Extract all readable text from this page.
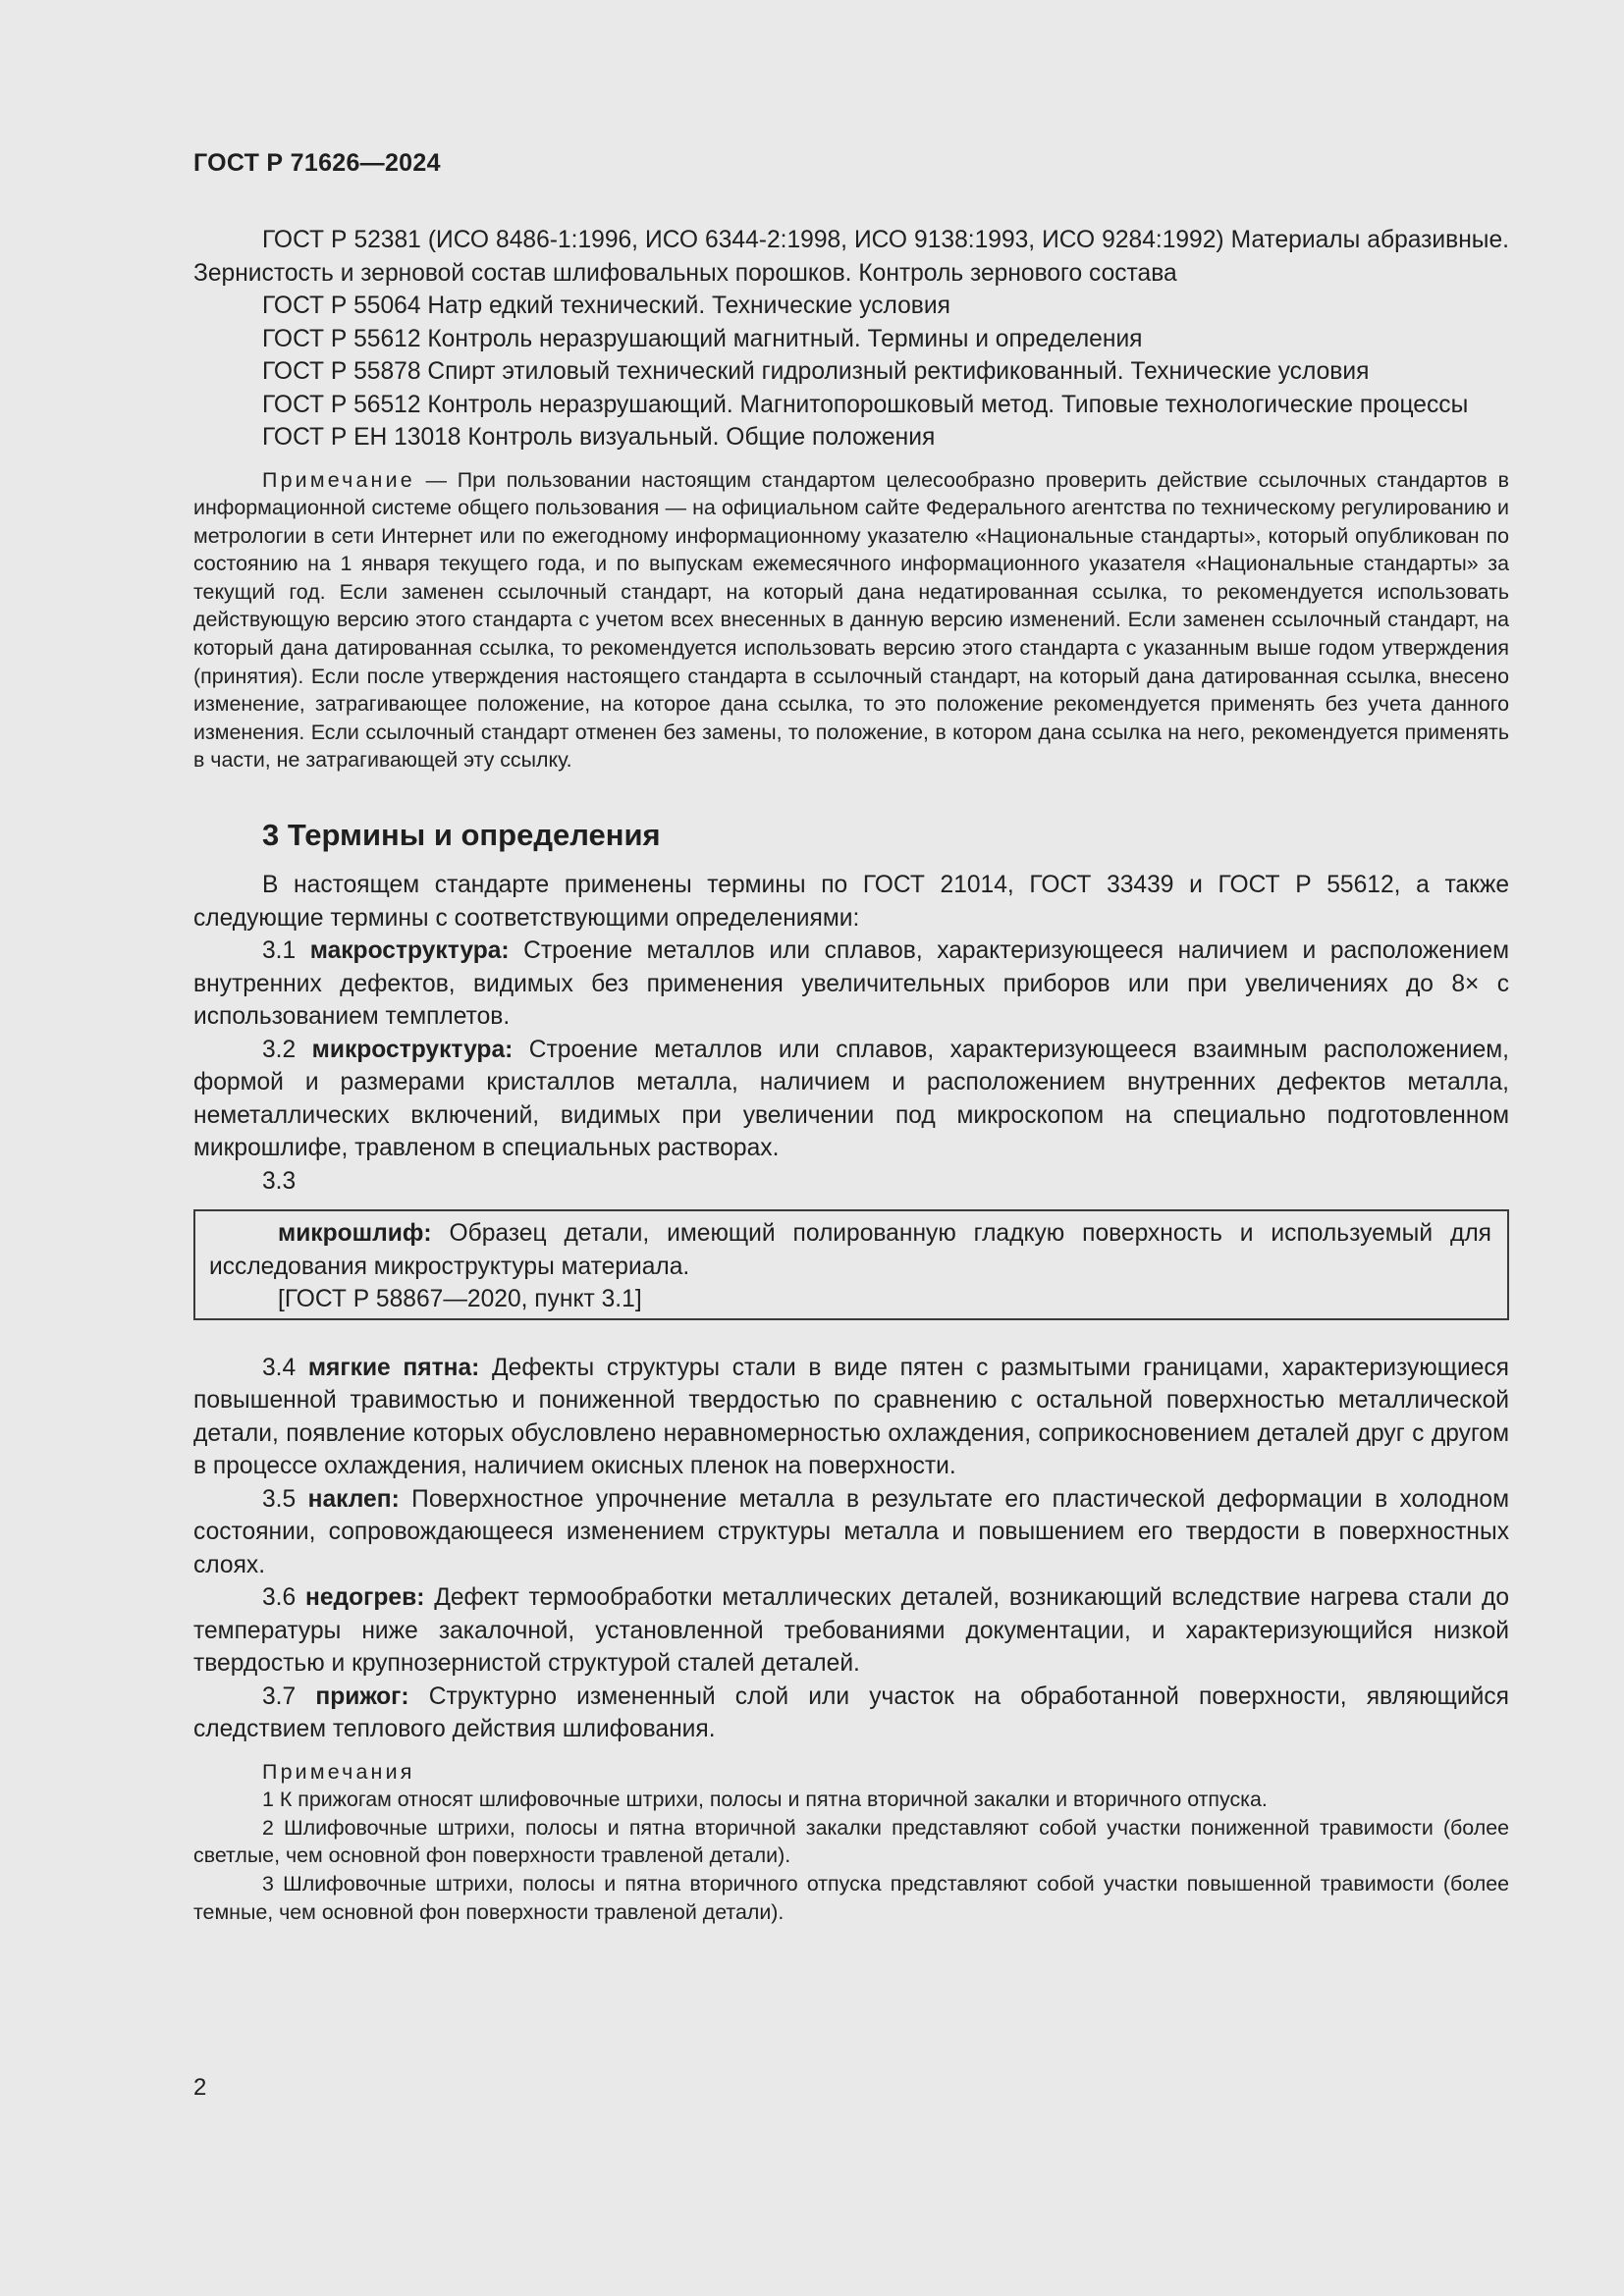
ГОСТ Р 71626—2024

ГОСТ Р 52381 (ИСО 8486-1:1996, ИСО 6344-2:1998, ИСО 9138:1993, ИСО 9284:1992) Материалы абразивные. Зернистость и зерновой состав шлифовальных порошков. Контроль зернового состава

ГОСТ Р 55064 Натр едкий технический. Технические условия

ГОСТ Р 55612 Контроль неразрушающий магнитный. Термины и определения

ГОСТ Р 55878 Спирт этиловый технический гидролизный ректификованный. Технические условия

ГОСТ Р 56512 Контроль неразрушающий. Магнитопорошковый метод. Типовые технологические процессы

ГОСТ Р ЕН 13018 Контроль визуальный. Общие положения

Примечание — При пользовании настоящим стандартом целесообразно проверить действие ссылочных стандартов в информационной системе общего пользования — на официальном сайте Федерального агентства по техническому регулированию и метрологии в сети Интернет или по ежегодному информационному указателю «Национальные стандарты», который опубликован по состоянию на 1 января текущего года, и по выпускам ежемесячного информационного указателя «Национальные стандарты» за текущий год. Если заменен ссылочный стандарт, на который дана недатированная ссылка, то рекомендуется использовать действующую версию этого стандарта с учетом всех внесенных в данную версию изменений. Если заменен ссылочный стандарт, на который дана датированная ссылка, то рекомендуется использовать версию этого стандарта с указанным выше годом утверждения (принятия). Если после утверждения настоящего стандарта в ссылочный стандарт, на который дана датированная ссылка, внесено изменение, затрагивающее положение, на которое дана ссылка, то это положение рекомендуется применять без учета данного изменения. Если ссылочный стандарт отменен без замены, то положение, в котором дана ссылка на него, рекомендуется применять в части, не затрагивающей эту ссылку.

3 Термины и определения

В настоящем стандарте применены термины по ГОСТ 21014, ГОСТ 33439 и ГОСТ Р 55612, а также следующие термины с соответствующими определениями:

3.1 макроструктура: Строение металлов или сплавов, характеризующееся наличием и расположением внутренних дефектов, видимых без применения увеличительных приборов или при увеличениях до 8× с использованием темплетов.

3.2 микроструктура: Строение металлов или сплавов, характеризующееся взаимным расположением, формой и размерами кристаллов металла, наличием и расположением внутренних дефектов металла, неметаллических включений, видимых при увеличении под микроскопом на специально подготовленном микрошлифе, травленом в специальных растворах.

3.3

микрошлиф: Образец детали, имеющий полированную гладкую поверхность и используемый для исследования микроструктуры материала.

[ГОСТ Р 58867—2020, пункт 3.1]

3.4 мягкие пятна: Дефекты структуры стали в виде пятен с размытыми границами, характеризующиеся повышенной травимостью и пониженной твердостью по сравнению с остальной поверхностью металлической детали, появление которых обусловлено неравномерностью охлаждения, соприкосновением деталей друг с другом в процессе охлаждения, наличием окисных пленок на поверхности.

3.5 наклеп: Поверхностное упрочнение металла в результате его пластической деформации в холодном состоянии, сопровождающееся изменением структуры металла и повышением его твердости в поверхностных слоях.

3.6 недогрев: Дефект термообработки металлических деталей, возникающий вследствие нагрева стали до температуры ниже закалочной, установленной требованиями документации, и характеризующийся низкой твердостью и крупнозернистой структурой сталей деталей.

3.7 прижог: Структурно измененный слой или участок на обработанной поверхности, являющийся следствием теплового действия шлифования.

Примечания

1 К прижогам относят шлифовочные штрихи, полосы и пятна вторичной закалки и вторичного отпуска.

2 Шлифовочные штрихи, полосы и пятна вторичной закалки представляют собой участки пониженной травимости (более светлые, чем основной фон поверхности травленой детали).

3 Шлифовочные штрихи, полосы и пятна вторичного отпуска представляют собой участки повышенной травимости (более темные, чем основной фон поверхности травленой детали).

2
